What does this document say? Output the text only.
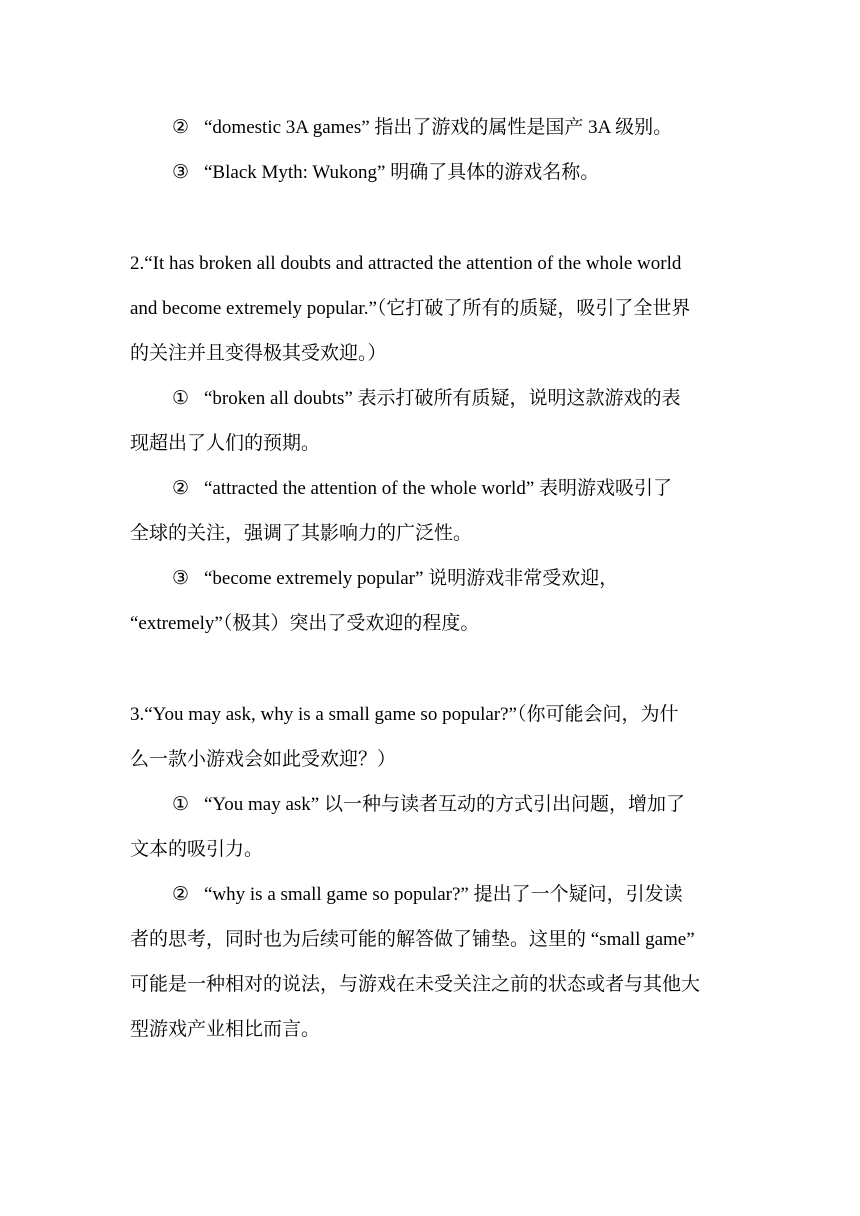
② “domestic 3A games” 指出了游戏的属性是国产 3A 级别。
③ “Black Myth: Wukong” 明确了具体的游戏名称。
2.“It has broken all doubts and attracted the attention of the whole world
and become extremely popular.”（它打破了所有的质疑，吸引了全世界
的关注并且变得极其受欢迎。）
① “broken all doubts” 表示打破所有质疑，说明这款游戏的表
现超出了人们的预期。
② “attracted the attention of the whole world” 表明游戏吸引了
全球的关注，强调了其影响力的广泛性。
③ “become extremely popular” 说明游戏非常受欢迎，
“extremely”（极其）突出了受欢迎的程度。
3.“You may ask, why is a small game so popular?”（你可能会问，为什
么一款小游戏会如此受欢迎？）
① “You may ask” 以一种与读者互动的方式引出问题，增加了
文本的吸引力。
② “why is a small game so popular?” 提出了一个疑问，引发读
者的思考，同时也为后续可能的解答做了铺垫。这里的 “small game”
可能是一种相对的说法，与游戏在未受关注之前的状态或者与其他大
型游戏产业相比而言。
